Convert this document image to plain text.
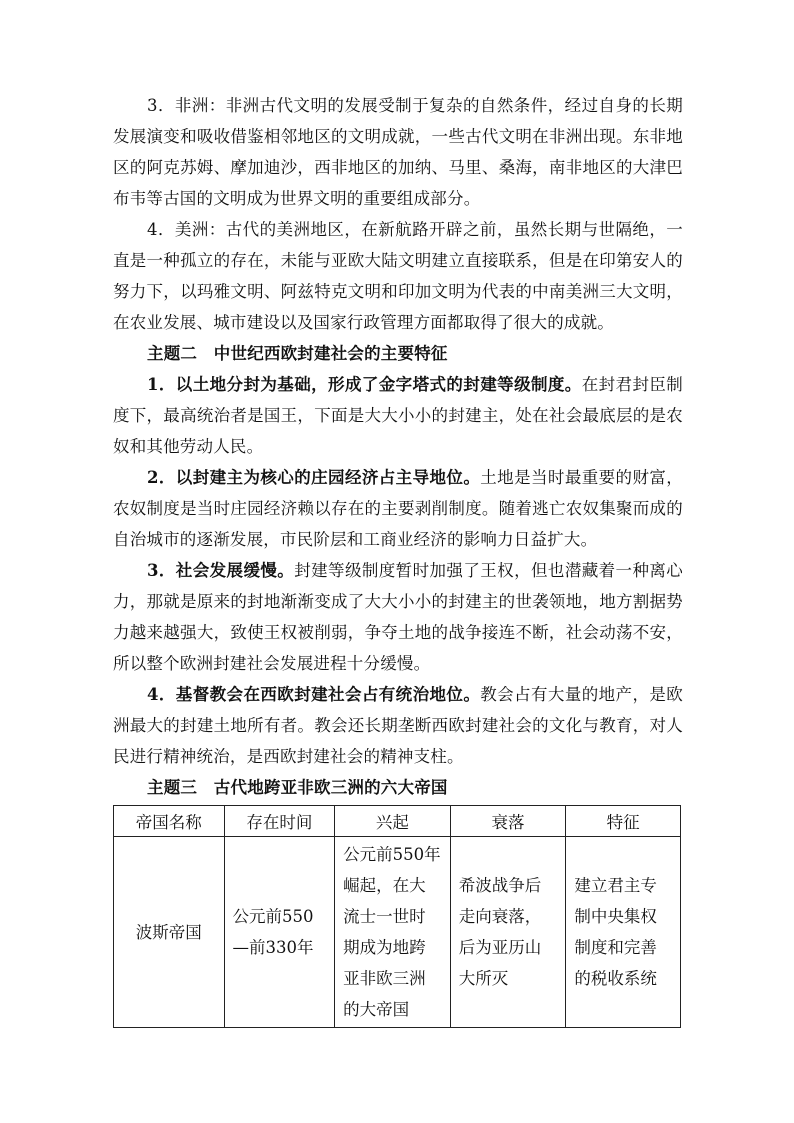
3．非洲：非洲古代文明的发展受制于复杂的自然条件，经过自身的长期发展演变和吸收借鉴相邻地区的文明成就，一些古代文明在非洲出现。东非地区的阿克苏姆、摩加迪沙，西非地区的加纳、马里、桑海，南非地区的大津巴布韦等古国的文明成为世界文明的重要组成部分。

4．美洲：古代的美洲地区，在新航路开辟之前，虽然长期与世隔绝，一直是一种孤立的存在，未能与亚欧大陆文明建立直接联系，但是在印第安人的努力下，以玛雅文明、阿兹特克文明和印加文明为代表的中南美洲三大文明，在农业发展、城市建设以及国家行政管理方面都取得了很大的成就。

主题二　中世纪西欧封建社会的主要特征

1．以土地分封为基础，形成了金字塔式的封建等级制度。在封君封臣制度下，最高统治者是国王，下面是大大小小的封建主，处在社会最底层的是农奴和其他劳动人民。

2．以封建主为核心的庄园经济占主导地位。土地是当时最重要的财富，农奴制度是当时庄园经济赖以存在的主要剥削制度。随着逃亡农奴集聚而成的自治城市的逐渐发展，市民阶层和工商业经济的影响力日益扩大。

3．社会发展缓慢。封建等级制度暂时加强了王权，但也潜藏着一种离心力，那就是原来的封地渐渐变成了大大小小的封建主的世袭领地，地方割据势力越来越强大，致使王权被削弱，争夺土地的战争接连不断，社会动荡不安，所以整个欧洲封建社会发展进程十分缓慢。

4．基督教会在西欧封建社会占有统治地位。教会占有大量的地产，是欧洲最大的封建土地所有者。教会还长期垄断西欧封建社会的文化与教育，对人民进行精神统治，是西欧封建社会的精神支柱。

主题三　古代地跨亚非欧三洲的六大帝国

帝国名称	存在时间	兴起	衰落	特征
波斯帝国	公元前550—前330年	公元前550年崛起，在大流士一世时期成为地跨亚非欧三洲的大帝国	希波战争后走向衰落，后为亚历山大所灭	建立君主专制中央集权制度和完善的税收系统
